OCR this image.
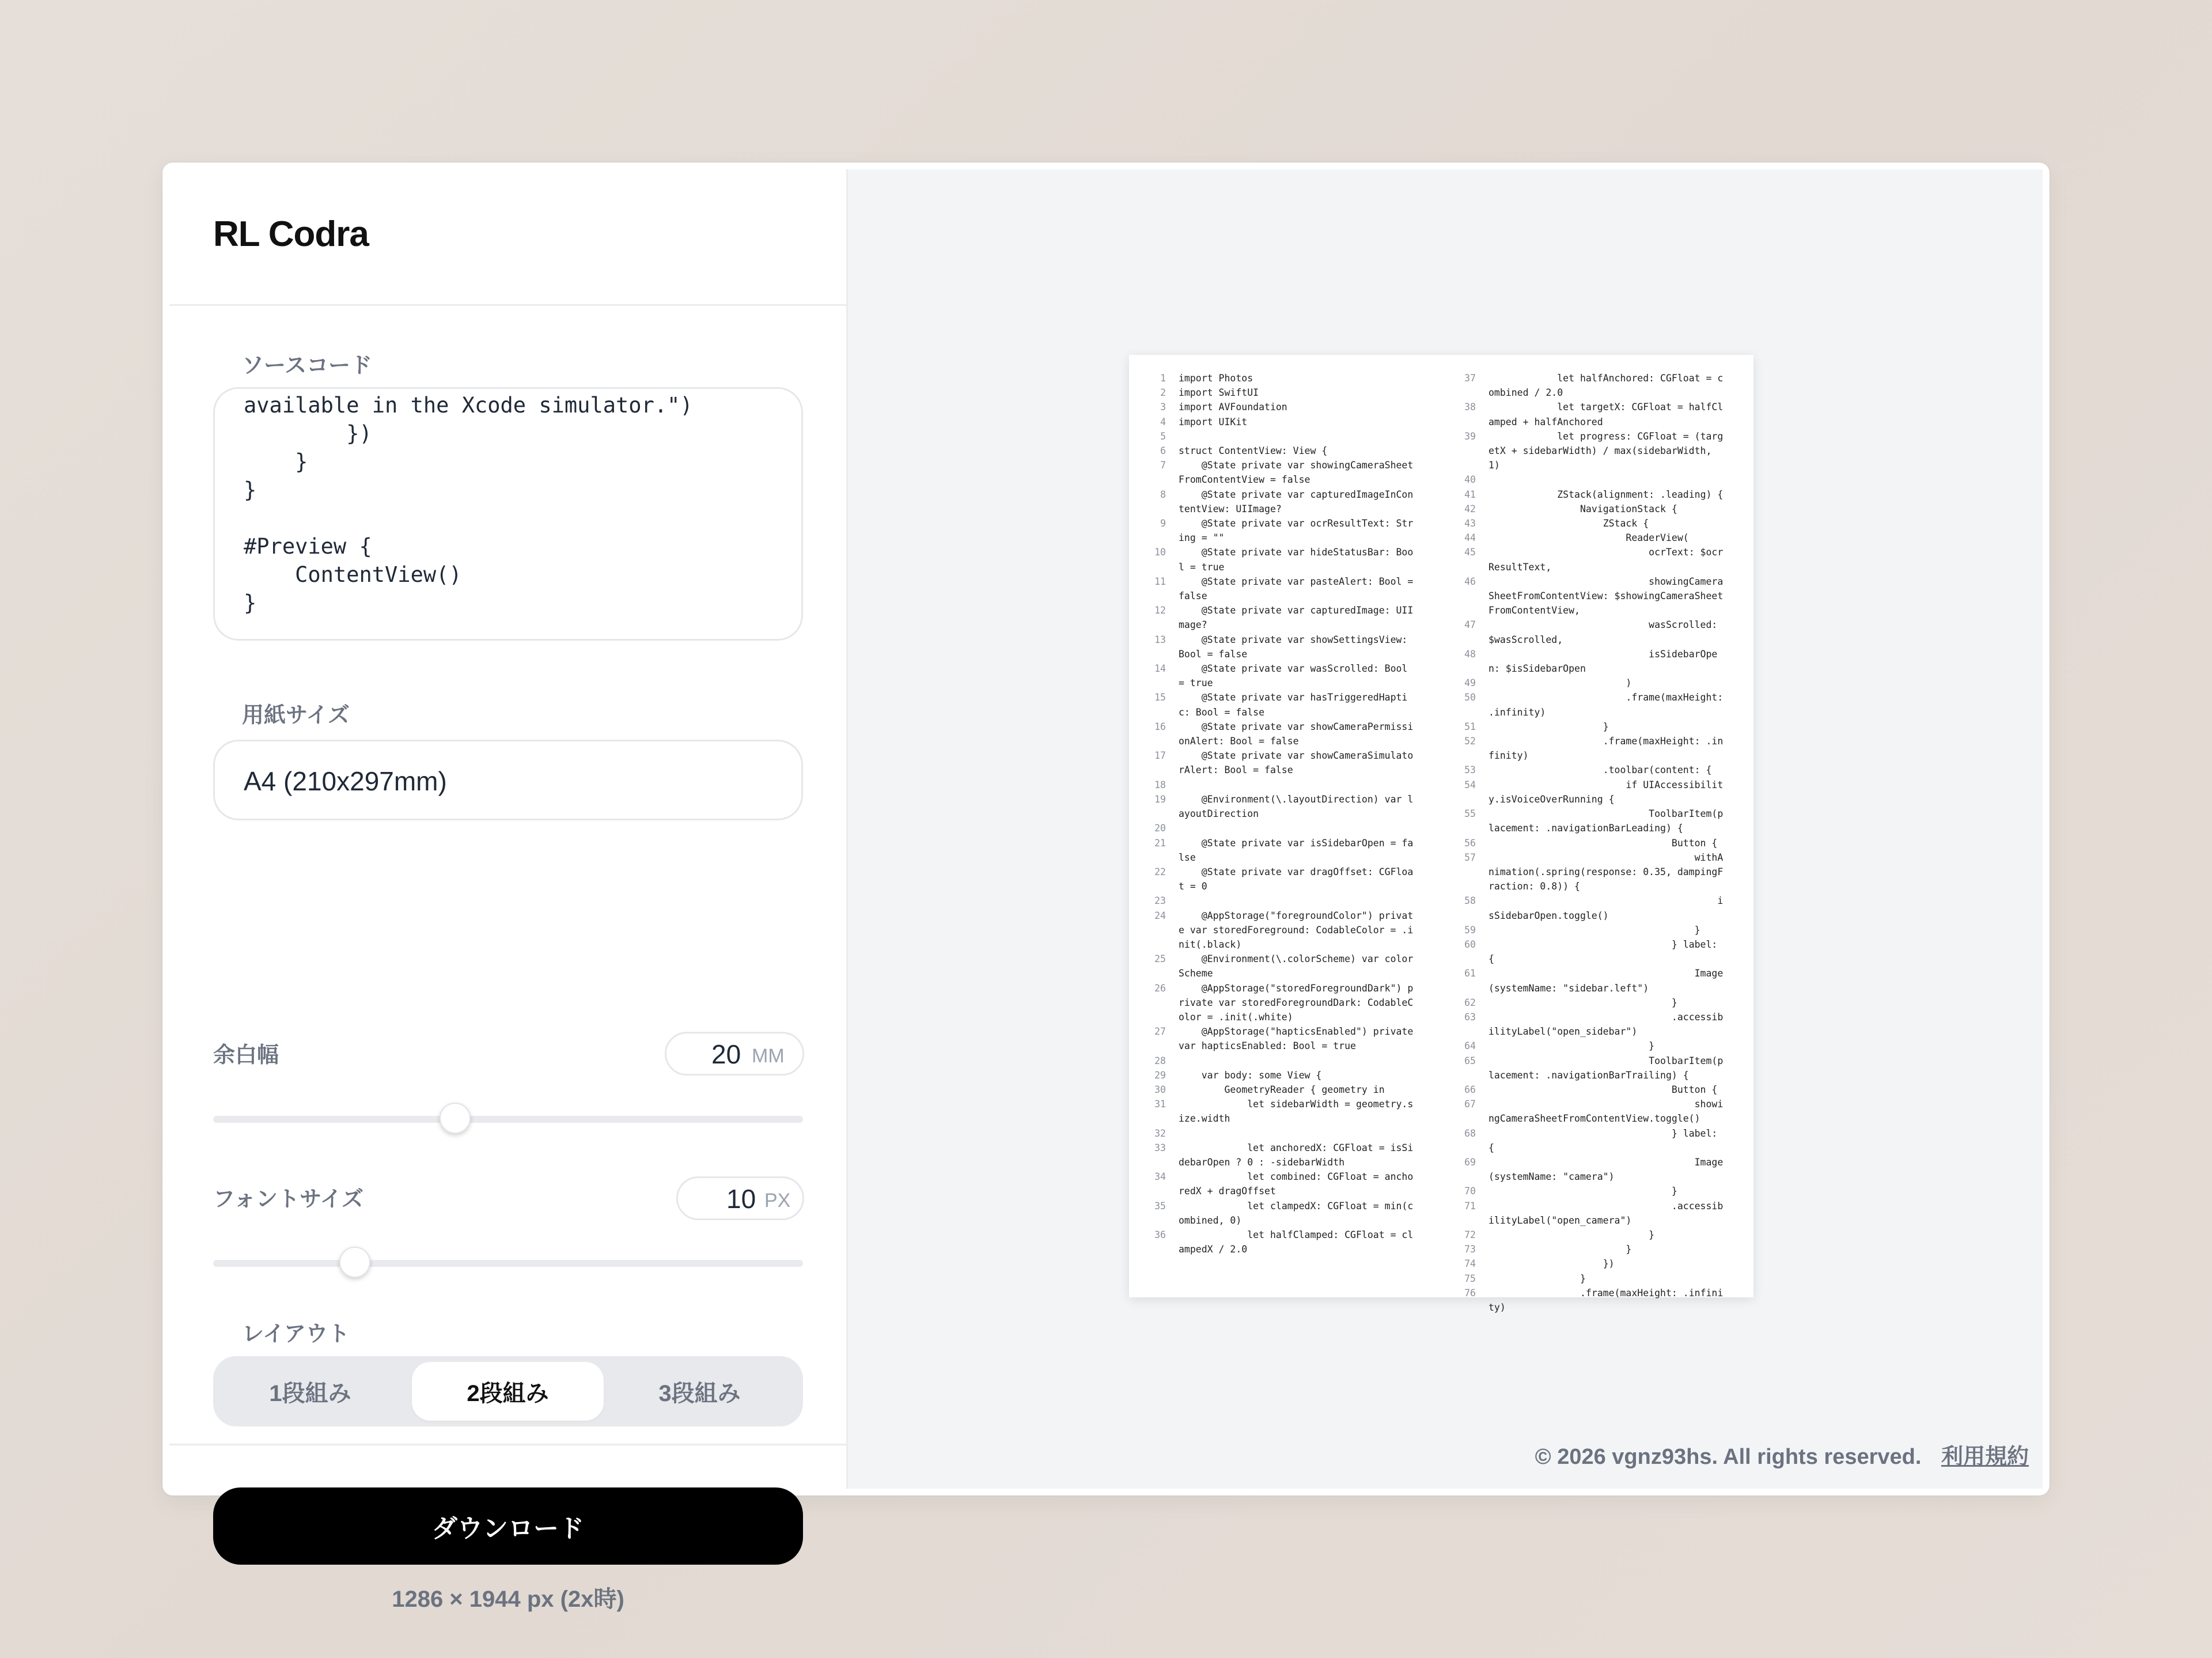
RL Codra
ソースコード
available in the Xcode simulator.")
})
}
}

#Preview {
ContentView()
}
用紙サイズ
A4 (210x297mm)
余白幅	20 MM
フォントサイズ	10 PX
レイアウト
1段組み	2段組み	3段組み
ダウンロード
1286 × 1944 px (2x時)
1	import Photos
2	import SwiftUI
3	import AVFoundation
4	import UIKit
5
6	struct ContentView: View {
7	@State private var showingCameraSheetFromContentView = false
8	@State private var capturedImageInContentView: UIImage?
9	@State private var ocrResultText: String = ""
10	@State private var hideStatusBar: Bool = true
11	@State private var pasteAlert: Bool = false
12	@State private var capturedImage: UIImage?
13	@State private var showSettingsView: Bool = false
14	@State private var wasScrolled: Bool = true
15	@State private var hasTriggeredHaptic: Bool = false
16	@State private var showCameraPermissionAlert: Bool = false
17	@State private var showCameraSimulatorAlert: Bool = false
18
19	@Environment(\.layoutDirection) var layoutDirection
20
21	@State private var isSidebarOpen = false
22	@State private var dragOffset: CGFloat = 0
23
24	@AppStorage("foregroundColor") private var storedForeground: CodableColor = .init(.black)
25	@Environment(\.colorScheme) var colorScheme
26	@AppStorage("storedForegroundDark") private var storedForegroundDark: CodableColor = .init(.white)
27	@AppStorage("hapticsEnabled") private var hapticsEnabled: Bool = true
28
29	var body: some View {
30	GeometryReader { geometry in
31	let sidebarWidth = geometry.size.width
32
33	let anchoredX: CGFloat = isSidebarOpen ? 0 : -sidebarWidth
34	let combined: CGFloat = anchoredX + dragOffset
35	let clampedX: CGFloat = min(combined, 0)
36	let halfClamped: CGFloat = clampedX / 2.0
37	let halfAnchored: CGFloat = combined / 2.0
38	let targetX: CGFloat = halfClamped + halfAnchored
39	let progress: CGFloat = (targetX + sidebarWidth) / max(sidebarWidth, 1)
40
41	ZStack(alignment: .leading) {
42	NavigationStack {
43	ZStack {
44	ReaderView(
45	ocrText: $ocrResultText,
46	showingCameraSheetFromContentView: $showingCameraSheetFromContentView,
47	wasScrolled: $wasScrolled,
48	isSidebarOpen: $isSidebarOpen
49	)
50	.frame(maxHeight: .infinity)
51	}
52	.frame(maxHeight: .infinity)
53	.toolbar(content: {
54	if UIAccessibility.isVoiceOverRunning {
55	ToolbarItem(placement: .navigationBarLeading) {
56	Button {
57	withAnimation(.spring(response: 0.35, dampingFraction: 0.8)) {
58	isSidebarOpen.toggle()
59	}
60	} label: {
61	Image(systemName: "sidebar.left")
62	}
63	.accessibilityLabel("open_sidebar")
64	}
65	ToolbarItem(placement: .navigationBarTrailing) {
66	Button {
67	showingCameraSheetFromContentView.toggle()
68	} label: {
69	Image(systemName: "camera")
70	}
71	.accessibilityLabel("open_camera")
72	}
73	}
74	})
75	}
76	.frame(maxHeight: .infinity)
© 2026 vgnz93hs. All rights reserved. 利用規約
